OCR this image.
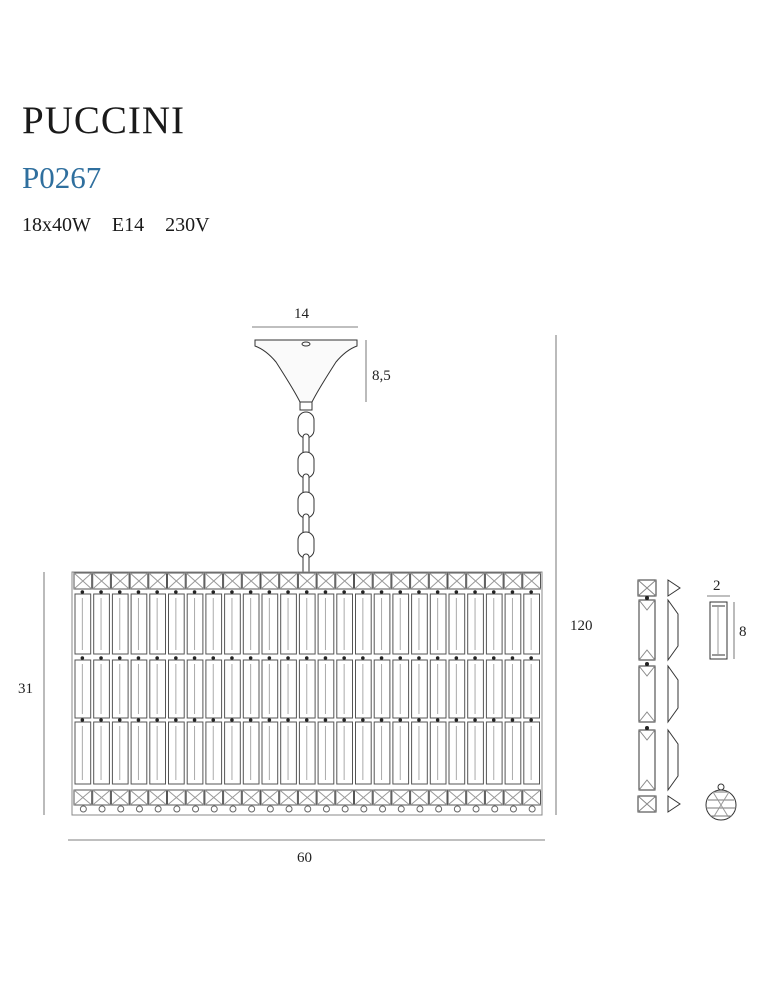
PUCCINI
P0267
18x40W E14 230V
14
8,5
120
31
60
2
8
